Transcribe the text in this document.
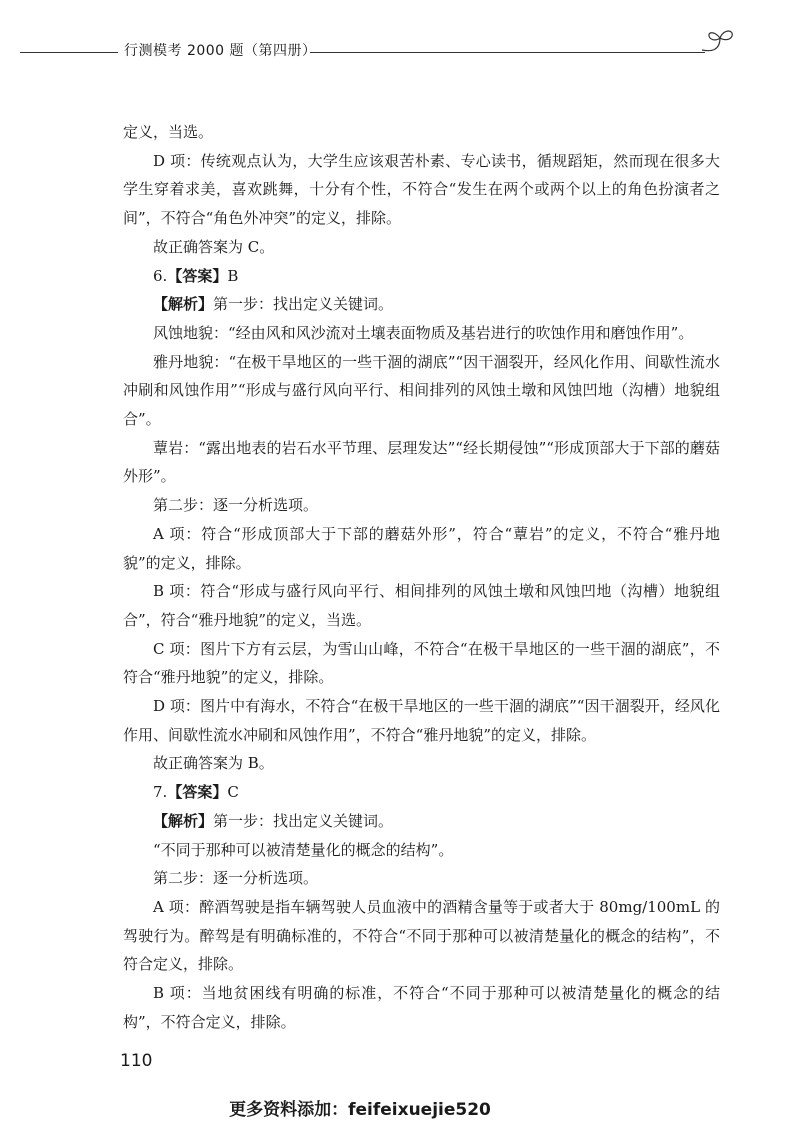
行测模考 2000 题（第四册）

定义，当选。

D 项：传统观点认为，大学生应该艰苦朴素、专心读书，循规蹈矩，然而现在很多大学生穿着求美，喜欢跳舞，十分有个性，不符合“发生在两个或两个以上的角色扮演者之间”，不符合“角色外冲突”的定义，排除。

故正确答案为 C。

6.【答案】B

【解析】第一步：找出定义关键词。

风蚀地貌：“经由风和风沙流对土壤表面物质及基岩进行的吹蚀作用和磨蚀作用”。

雅丹地貌：“在极干旱地区的一些干涸的湖底”“因干涸裂开，经风化作用、间歇性流水冲刷和风蚀作用”“形成与盛行风向平行、相间排列的风蚀土墩和风蚀凹地（沟槽）地貌组合”。

蕈岩：“露出地表的岩石水平节理、层理发达”“经长期侵蚀”“形成顶部大于下部的蘑菇外形”。

第二步：逐一分析选项。

A 项：符合“形成顶部大于下部的蘑菇外形”，符合“蕈岩”的定义，不符合“雅丹地貌”的定义，排除。

B 项：符合“形成与盛行风向平行、相间排列的风蚀土墩和风蚀凹地（沟槽）地貌组合”，符合“雅丹地貌”的定义，当选。

C 项：图片下方有云层，为雪山山峰，不符合“在极干旱地区的一些干涸的湖底”，不符合“雅丹地貌”的定义，排除。

D 项：图片中有海水，不符合“在极干旱地区的一些干涸的湖底”“因干涸裂开，经风化作用、间歇性流水冲刷和风蚀作用”，不符合“雅丹地貌”的定义，排除。

故正确答案为 B。

7.【答案】C

【解析】第一步：找出定义关键词。

“不同于那种可以被清楚量化的概念的结构”。

第二步：逐一分析选项。

A 项：醉酒驾驶是指车辆驾驶人员血液中的酒精含量等于或者大于 80mg/100mL 的驾驶行为。醉驾是有明确标准的，不符合“不同于那种可以被清楚量化的概念的结构”，不符合定义，排除。

B 项：当地贫困线有明确的标准，不符合“不同于那种可以被清楚量化的概念的结构”，不符合定义，排除。

110
更多资料添加：feifeixuejie520
